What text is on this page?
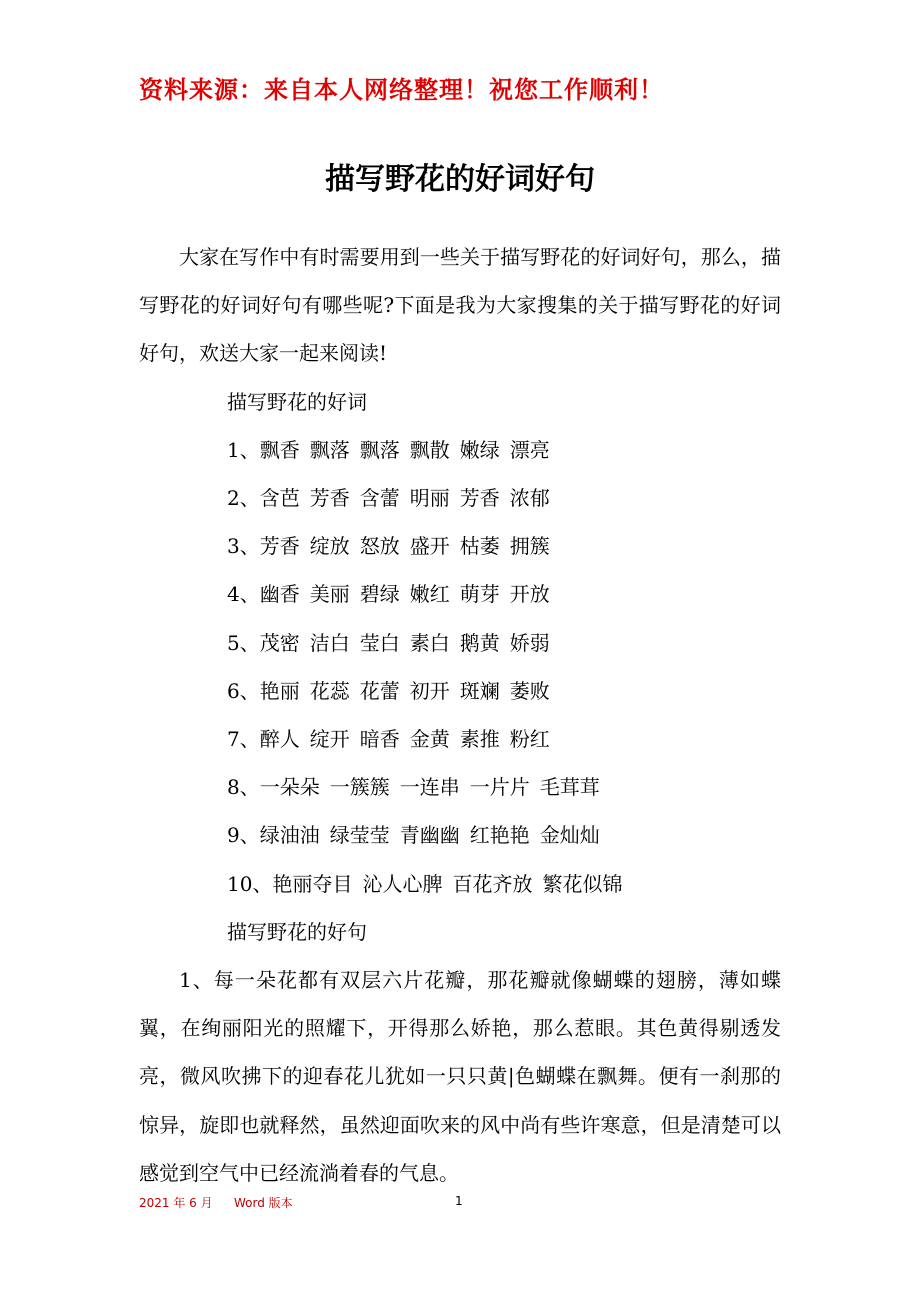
资料来源：来自本人网络整理！祝您工作顺利！
描写野花的好词好句

大家在写作中有时需要用到一些关于描写野花的好词好句，那么，描写野花的好词好句有哪些呢?下面是我为大家搜集的关于描写野花的好词好句，欢送大家一起来阅读!

描写野花的好词

1、飘香 飘落 飘落 飘散 嫩绿 漂亮

2、含芭 芳香 含蕾 明丽 芳香 浓郁

3、芳香 绽放 怒放 盛开 枯萎 拥簇

4、幽香 美丽 碧绿 嫩红 萌芽 开放

5、茂密 洁白 莹白 素白 鹅黄 娇弱

6、艳丽 花蕊 花蕾 初开 斑斓 萎败

7、醉人 绽开 暗香 金黄 素推 粉红

8、一朵朵 一簇簇 一连串 一片片 毛茸茸

9、绿油油 绿莹莹 青幽幽 红艳艳 金灿灿

10、艳丽夺目 沁人心脾 百花齐放 繁花似锦

描写野花的好句

1、每一朵花都有双层六片花瓣，那花瓣就像蝴蝶的翅膀，薄如蝶翼，在绚丽阳光的照耀下，开得那么娇艳，那么惹眼。其色黄得剔透发亮，微风吹拂下的迎春花儿犹如一只只黄|色蝴蝶在飘舞。便有一刹那的惊异，旋即也就释然，虽然迎面吹来的风中尚有些许寒意，但是清楚可以感觉到空气中已经流淌着春的气息。

2021 年 6 月 Word 版本	1
